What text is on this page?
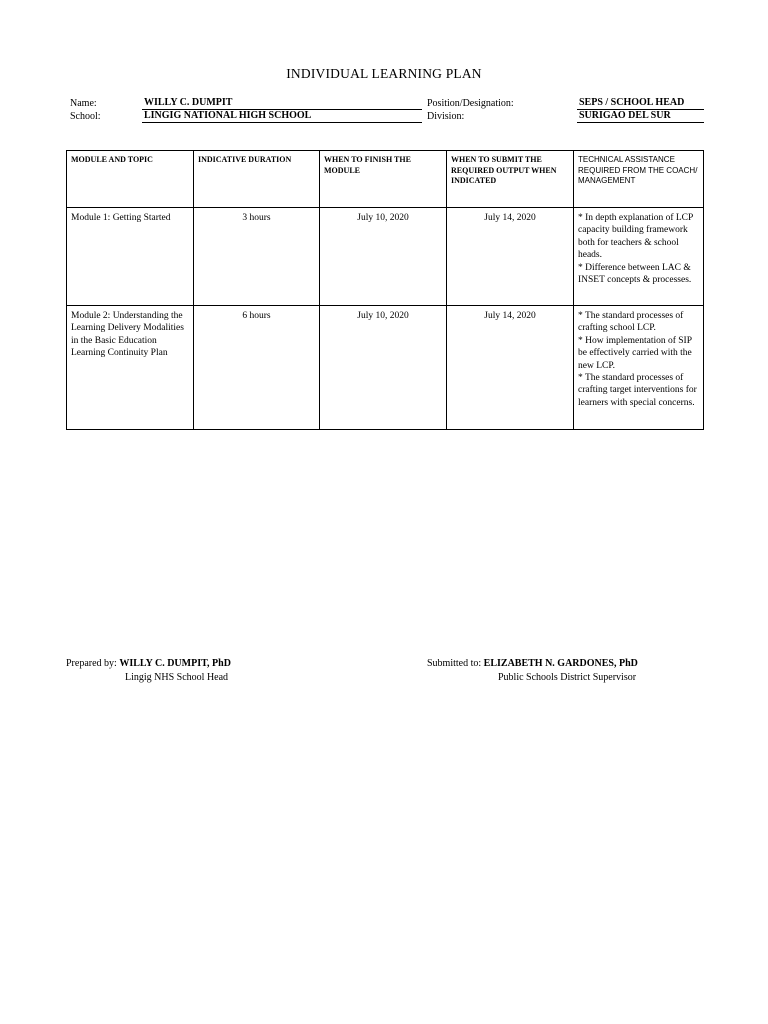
INDIVIDUAL LEARNING PLAN
Name:	WILLY C. DUMPIT
School:	LINGIG NATIONAL HIGH SCHOOL
Position/Designation:	SEPS / SCHOOL HEAD
Division:	SURIGAO DEL SUR
MODULE AND TOPIC	INDICATIVE DURATION	WHEN TO FINISH THE MODULE	WHEN TO SUBMIT THE REQUIRED OUTPUT WHEN INDICATED	TECHNICAL ASSISTANCE REQUIRED FROM THE COACH/ MANAGEMENT
Module 1: Getting Started	3 hours	July 10, 2020	July 14, 2020	* In depth explanation of LCP capacity building framework both for teachers & school heads.
* Difference between LAC & INSET concepts & processes.

Module 2: Understanding the Learning Delivery Modalities in the Basic Education Learning Continuity Plan	6 hours	July 10, 2020	July 14, 2020	* The standard processes of crafting school LCP.
* How implementation of SIP be effectively carried with the new LCP.
* The standard processes of crafting target interventions for learners with special concerns.
Prepared by: WILLY C. DUMPIT, PhD
Lingig NHS School Head
Submitted to: ELIZABETH N. GARDONES, PhD
Public Schools District Supervisor
